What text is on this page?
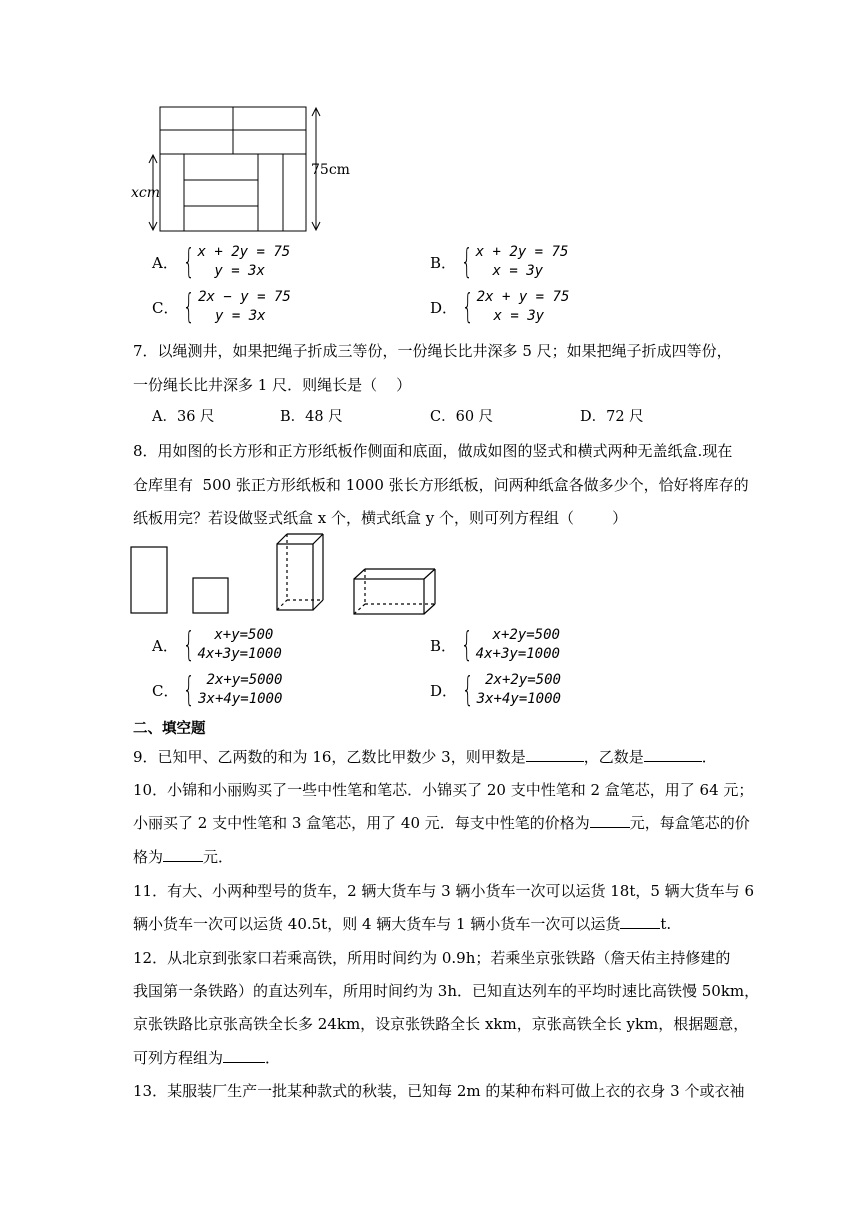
75cm
xcm
A． { x + 2y = 75
y = 3x	B． { x + 2y = 75
x = 3y
C． { 2x − y = 75
y = 3x	D． { 2x + y = 75
x = 3y
7．以绳测井，如果把绳子折成三等份，一份绳长比井深多 5 尺；如果把绳子折成四等份，
一份绳长比井深多 1 尺．则绳长是（    ）
A．36 尺	B．48 尺	C．60 尺	D．72 尺
8．用如图的长方形和正方形纸板作侧面和底面，做成如图的竖式和横式两种无盖纸盒.现在
仓库里有  500 张正方形纸板和 1000 张长方形纸板，问两种纸盒各做多少个，恰好将库存的
纸板用完？若设做竖式纸盒 x 个，横式纸盒 y 个，则可列方程组（        ）
A． { x+y=500
4x+3y=1000	B． { x+2y=500
4x+3y=1000
C． { 2x+y=5000
3x+4y=1000	D． { 2x+2y=500
3x+4y=1000
二、填空题
9．已知甲、乙两数的和为 16，乙数比甲数少 3，则甲数是	，乙数是	．
10．小锦和小丽购买了一些中性笔和笔芯．小锦买了 20 支中性笔和 2 盒笔芯，用了 64 元；
小丽买了 2 支中性笔和 3 盒笔芯，用了 40 元．每支中性笔的价格为	元，每盒笔芯的价
格为	元．
11．有大、小两种型号的货车，2 辆大货车与 3 辆小货车一次可以运货 18t，5 辆大货车与 6
辆小货车一次可以运货 40.5t，则 4 辆大货车与 1 辆小货车一次可以运货	t.
12．从北京到张家口若乘高铁，所用时间约为 0.9h；若乘坐京张铁路（詹天佑主持修建的
我国第一条铁路）的直达列车，所用时间约为 3h．已知直达列车的平均时速比高铁慢 50km，
京张铁路比京张高铁全长多 24km，设京张铁路全长 xkm，京张高铁全长 ykm，根据题意，
可列方程组为	．
13．某服装厂生产一批某种款式的秋装，已知每 2m 的某种布料可做上衣的衣身 3 个或衣袖
